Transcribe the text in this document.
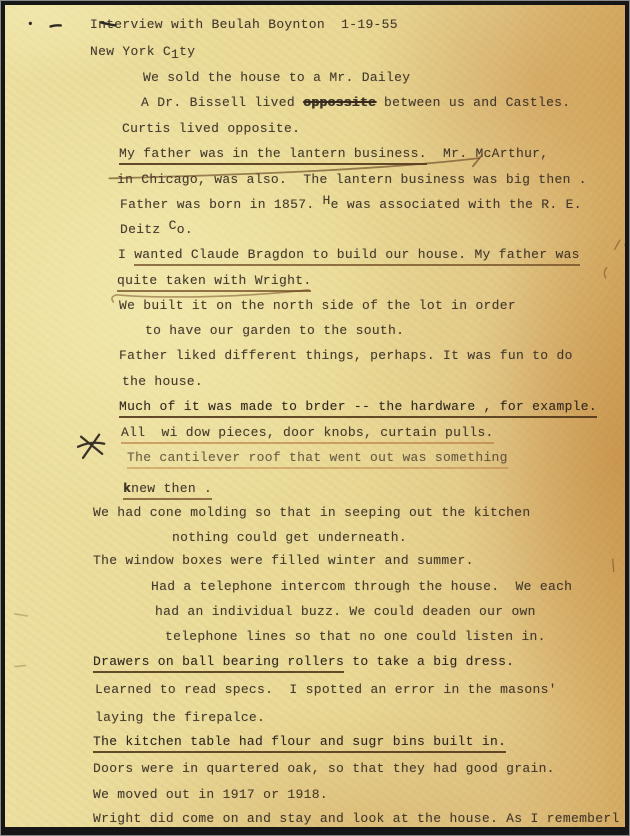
Interview with Beulah Boynton  1-19-55
New York C1ty
We sold the house to a Mr. Dailey
A Dr. Bissell lived oppossite between us and Castles.
Curtis lived opposite.
My father was in the lantern business.  Mr. McArthur,
in Chicago, was also.  The lantern business was big then .
Father was born in 1857. He was associated with the R. E.
Deitz Co.
I wanted Claude Bragdon to build our house. My father was
quite taken with Wright.
We built it on the north side of the lot in order
to have our garden to the south.
Father liked different things, perhaps. It was fun to do
the house.
Much of it was made to brder -- the hardware , for example.
All  wi dow pieces, door knobs, curtain pulls.
The cantilever roof that went out was something
knew then .
We had cone molding so that in seeping out the kitchen
nothing could get underneath.
The window boxes were filled winter and summer.
Had a telephone intercom through the house.  We each
had an individual buzz. We could deaden our own
telephone lines so that no one could listen in.
Drawers on ball bearing rollers to take a big dress.
Learned to read specs.  I spotted an error in the masons'
laying the firepalce.
The kitchen table had flour and sugr bins built in.
Doors were in quartered oak, so that they had good grain.
We moved out in 1917 or 1918.
Wright did come on and stay and look at the house. As I rememberl
